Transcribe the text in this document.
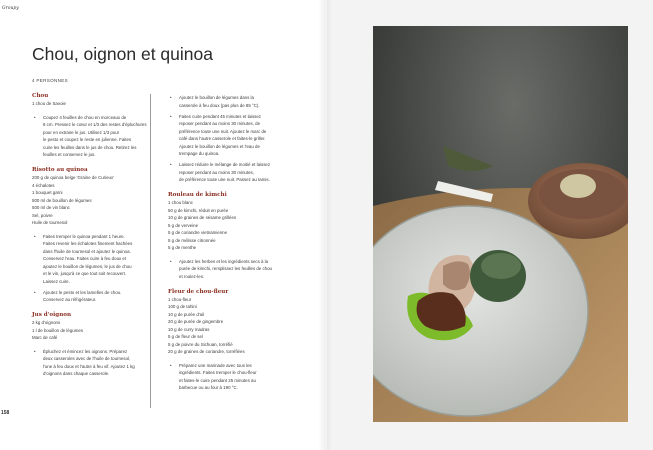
Groupy
Chou, oignon et quinoa
4 PERSONNES

Chou

1 chou de Savoie

• Coupez 4 feuilles de chou en morceaux de
8 cm. Pressez le cœur et 1/3 des restes d'épluchures pour en extraire le jus. Utilisez 1/3 pour
le pesto et coupez le reste en julienne. Faites
cuire les feuilles dans le jus de chou. Retirez les
feuilles et conservez le jus.

Risotto au quinoa

200 g de quinoa belge 'Graine de Curieux'

4 échalotes

1 bouquet garni

500 ml de bouillon de légumes

500 ml de vin blanc

Sel, poivre

Huile de tournesol

• Faites tremper le quinoa pendant 1 heure.
Faites revenir les échalotes finement hachées
dans l'huile de tournesol et ajoutez le quinoa.
Conservez l'eau. Faites cuire à feu doux et
ajoutez le bouillon de légumes, le jus de chou
et le vin, jusqu'à ce que tout soit recouvert.
Laissez cuire.
• Ajoutez le pesto et les lamelles de chou.
Conservez au réfrigérateur.

Jus d'oignon

2 kg d'oignons

1 l de bouillon de légumes

Marc de café

• Épluchez et émincez les oignons. Préparez
deux casseroles avec de l'huile de tournesol,
l'une à feu doux et l'autre à feu vif. Ajoutez 1 kg
d'oignons dans chaque casserole.
• Ajoutez le bouillon de légumes dans la
casserole à feu doux (pas plus de 85 °C).
• Faites cuire pendant 45 minutes et laissez
reposer pendant au moins 30 minutes, de
préférence toute une nuit. Ajoutez le marc de
café dans l'autre casserole et faites-le griller.
Ajoutez le bouillon de légumes et l'eau de
trempage du quinoa.
• Laissez réduire le mélange de moitié et laissez
reposer pendant au moins 30 minutes,
de préférence toute une nuit. Passez au tamis.

Rouleau de kimchi

1 chou blanc

50 g de kimchi, réduit en purée

10 g de graines de sésame grillées

5 g de verveine

5 g de coriandre vietnamienne

5 g de mélisse citronnée

5 g de menthe

• Ajoutez les herbes et les ingrédients secs à la
purée de kimchi, remplissez les feuilles de chou
et roulez-les.

Fleur de chou-fleur

1 chou-fleur

100 g de tahini

10 g de purée d'ail

20 g de purée de gingembre

10 g de curry madras

5 g de fleur de sel

5 g de poivre du Sichuan, torréfié

20 g de graines de coriandre, torréfiées

• Préparez une marinade avec tous les
ingrédients. Faites tremper le chou-fleur
et faites-le cuire pendant 25 minutes au
barbecue ou au four à 190 °C.
158
